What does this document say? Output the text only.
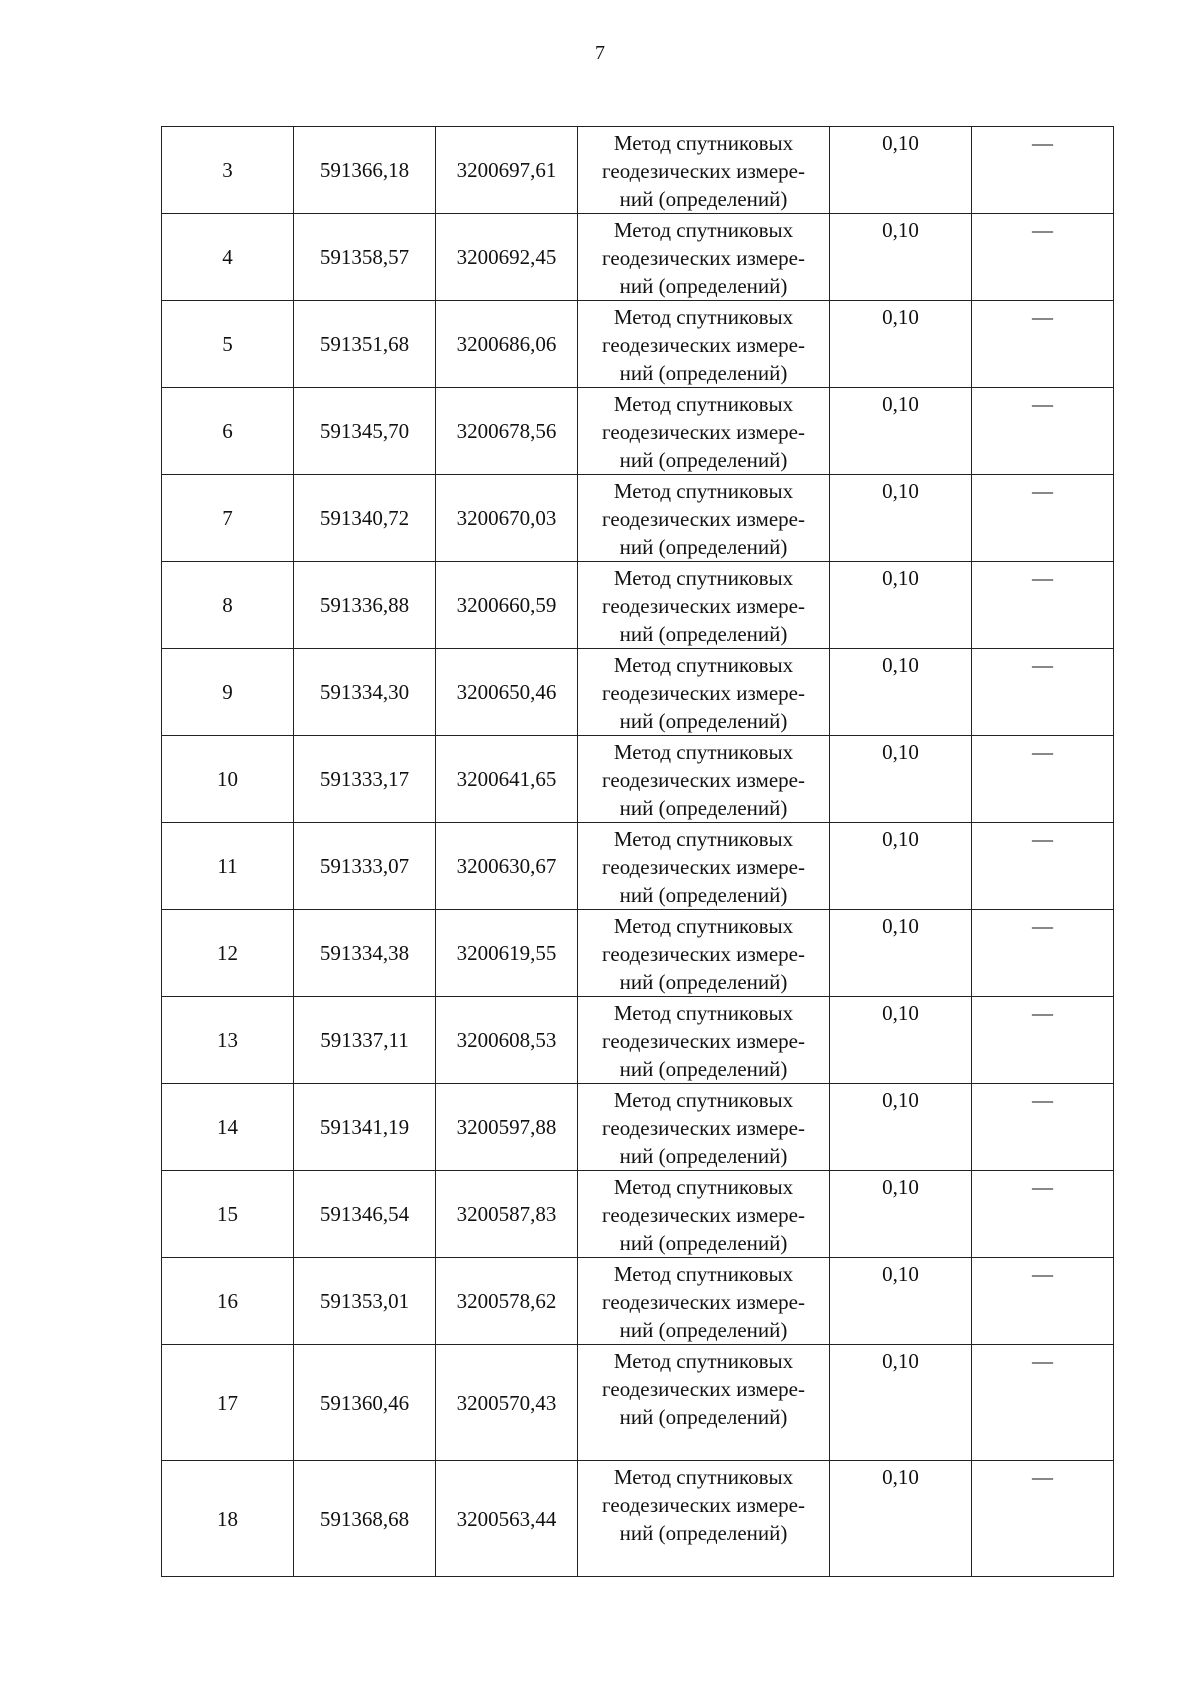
7
3	591366,18	3200697,61	Метод спутниковых
геодезических измере-
ний (определений)	0,10	—
4	591358,57	3200692,45	Метод спутниковых
геодезических измере-
ний (определений)	0,10	—
5	591351,68	3200686,06	Метод спутниковых
геодезических измере-
ний (определений)	0,10	—
6	591345,70	3200678,56	Метод спутниковых
геодезических измере-
ний (определений)	0,10	—
7	591340,72	3200670,03	Метод спутниковых
геодезических измере-
ний (определений)	0,10	—
8	591336,88	3200660,59	Метод спутниковых
геодезических измере-
ний (определений)	0,10	—
9	591334,30	3200650,46	Метод спутниковых
геодезических измере-
ний (определений)	0,10	—
10	591333,17	3200641,65	Метод спутниковых
геодезических измере-
ний (определений)	0,10	—
11	591333,07	3200630,67	Метод спутниковых
геодезических измере-
ний (определений)	0,10	—
12	591334,38	3200619,55	Метод спутниковых
геодезических измере-
ний (определений)	0,10	—
13	591337,11	3200608,53	Метод спутниковых
геодезических измере-
ний (определений)	0,10	—
14	591341,19	3200597,88	Метод спутниковых
геодезических измере-
ний (определений)	0,10	—
15	591346,54	3200587,83	Метод спутниковых
геодезических измере-
ний (определений)	0,10	—
16	591353,01	3200578,62	Метод спутниковых
геодезических измере-
ний (определений)	0,10	—
17	591360,46	3200570,43	Метод спутниковых
геодезических измере-
ний (определений)	0,10	—
18	591368,68	3200563,44	Метод спутниковых
геодезических измере-
ний (определений)	0,10	—
